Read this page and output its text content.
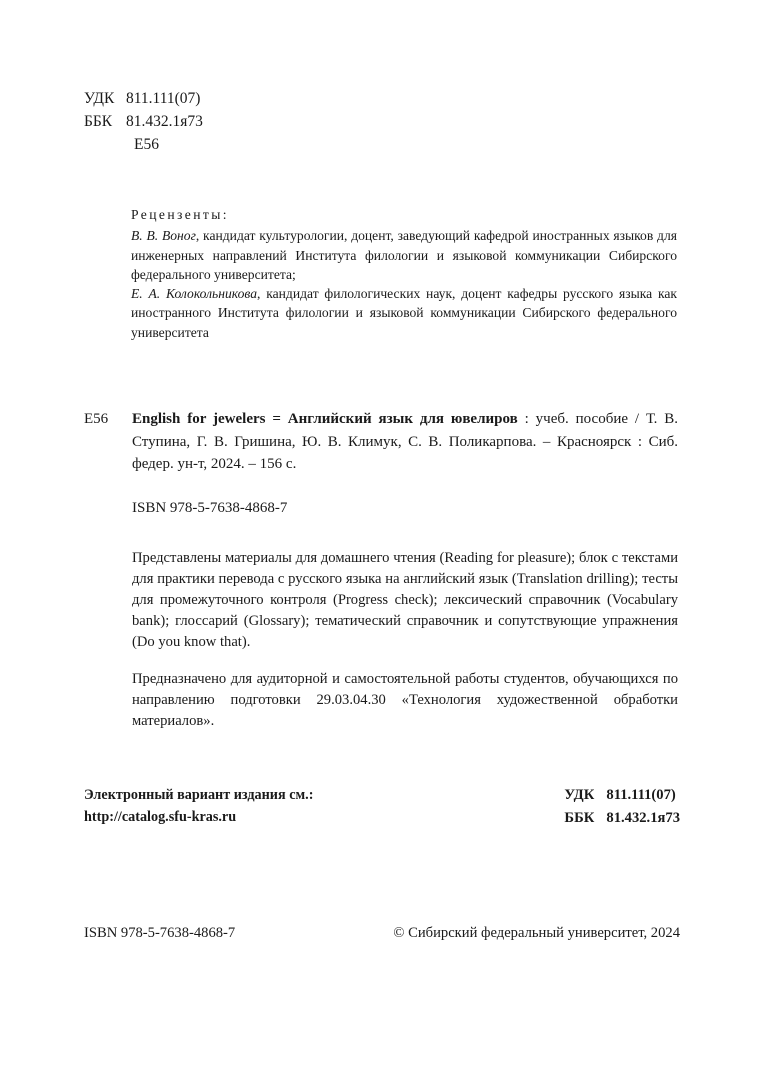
УДК 811.111(07)
ББК 81.432.1я73
Е56
Рецензенты:

В. В. Воног, кандидат культурологии, доцент, заведующий кафедрой иностранных языков для инженерных направлений Института филологии и языковой коммуникации Сибирского федерального университета;

Е. А. Колокольникова, кандидат филологических наук, доцент кафедры русского языка как иностранного Института филологии и языковой коммуникации Сибирского федерального университета

Е56	English for jewelers = Английский язык для ювелиров : учеб. пособие / Т. В. Ступина, Г. В. Гришина, Ю. В. Климук, С. В. Поликарпова. – Красноярск : Сиб. федер. ун-т, 2024. – 156 с.
ISBN 978-5-7638-4868-7

Представлены материалы для домашнего чтения (Reading for pleasure); блок с текстами для практики перевода с русского языка на английский язык (Translation drilling); тесты для промежуточного контроля (Progress check); лексический справочник (Vocabulary bank); глоссарий (Glossary); тематический справочник и сопутствующие упражнения (Do you know that).

Предназначено для аудиторной и самостоятельной работы студентов, обучающихся по направлению подготовки 29.03.04.30 «Технология художественной обработки материалов».

Электронный вариант издания см.:
http://catalog.sfu-kras.ru
УДК 811.111(07)
ББК 81.432.1я73
ISBN 978-5-7638-4868-7	© Сибирский федеральный университет, 2024
